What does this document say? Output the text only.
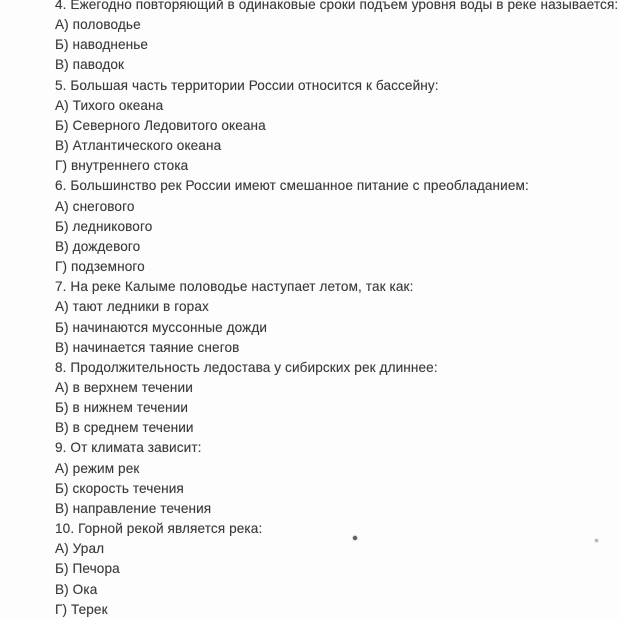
4. Ежегодно повторяющий в одинаковые сроки подъем уровня воды в реке называется:
А) половодье
Б) наводненье
В) паводок
5. Большая часть территории России относится к бассейну:
А) Тихого океана
Б) Северного Ледовитого океана
В) Атлантического океана
Г) внутреннего стока
6. Большинство рек России имеют смешанное питание с преобладанием:
А) снегового
Б) ледникового
В) дождевого
Г) подземного
7. На реке Калыме половодье наступает летом, так как:
А) тают ледники в горах
Б) начинаются муссонные дожди
В) начинается таяние снегов
8. Продолжительность ледостава у сибирских рек длиннее:
А) в верхнем течении
Б) в нижнем течении
В) в среднем течении
9. От климата зависит:
А) режим рек
Б) скорость течения
В) направление течения
10. Горной рекой является река:
А) Урал
Б) Печора
В) Ока
Г) Терек
